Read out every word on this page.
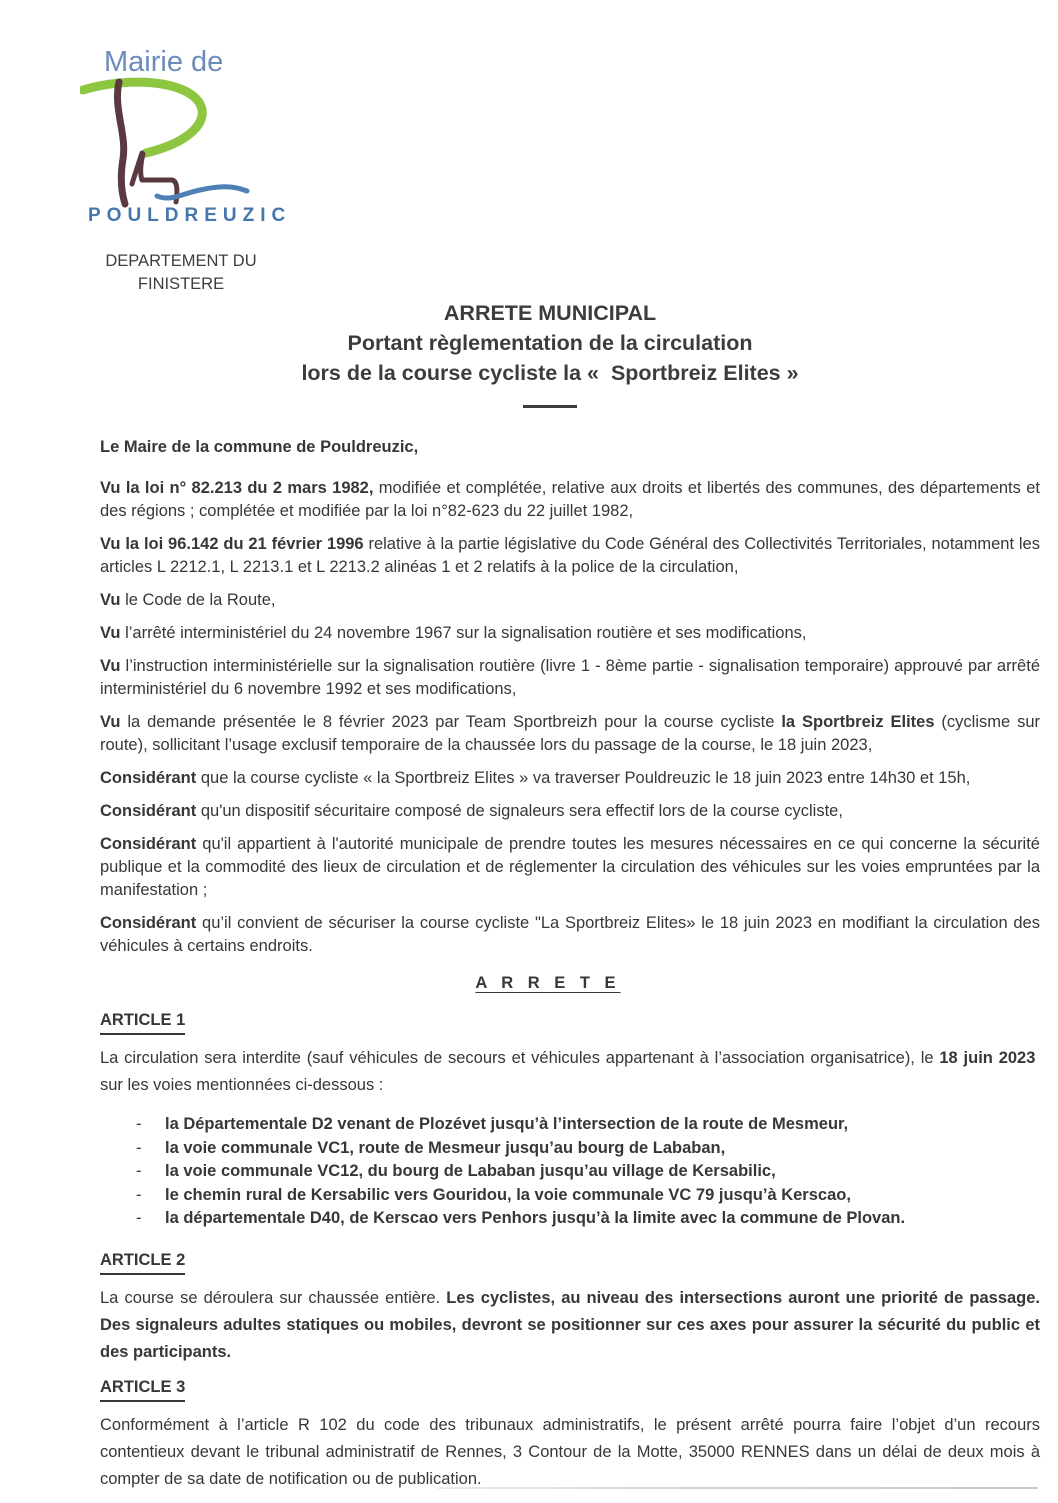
Mairie de
POULDREUZIC
DEPARTEMENT DU
FINISTERE
ARRETE MUNICIPAL
Portant règlementation de la circulation
lors de la course cycliste la «  Sportbreiz Elites »

Le Maire de la commune de Pouldreuzic,

Vu la loi n° 82.213 du 2 mars 1982, modifiée et complétée, relative aux droits et libertés des communes, des départements et des régions ; complétée et modifiée par la loi n°82-623 du 22 juillet 1982,

Vu la loi 96.142 du 21 février 1996 relative à la partie législative du Code Général des Collectivités Territoriales, notamment les articles L 2212.1, L 2213.1 et L 2213.2 alinéas 1 et 2 relatifs à la police de la circulation,

Vu le Code de la Route,

Vu l’arrêté interministériel du 24 novembre 1967 sur la signalisation routière et ses modifications,

Vu l’instruction interministérielle sur la signalisation routière (livre 1 - 8ème partie - signalisation temporaire) approuvé par arrêté interministériel du 6 novembre 1992 et ses modifications,

Vu la demande présentée le 8 février 2023 par Team Sportbreizh pour la course cycliste la Sportbreiz Elites (cyclisme sur route), sollicitant l’usage exclusif temporaire de la chaussée lors du passage de la course, le 18 juin 2023,

Considérant que la course cycliste « la Sportbreiz Elites » va traverser Pouldreuzic le 18 juin 2023 entre 14h30 et 15h,

Considérant qu'un dispositif sécuritaire composé de signaleurs sera effectif lors de la course cycliste,

Considérant qu'il appartient à l'autorité municipale de prendre toutes les mesures nécessaires en ce qui concerne la sécurité publique et la commodité des lieux de circulation et de réglementer la circulation des véhicules sur les voies empruntées par la manifestation ;

Considérant qu’il convient de sécuriser la course cycliste "La Sportbreiz Elites» le 18 juin 2023 en modifiant la circulation des véhicules à certains endroits.

A R R E T E
ARTICLE 1

La circulation sera interdite (sauf véhicules de secours et véhicules appartenant à l’association organisatrice), le 18 juin 2023  sur les voies mentionnées ci-dessous :

- la Départementale D2 venant de Plozévet jusqu’à l’intersection de la route de Mesmeur,
- la voie communale VC1, route de Mesmeur jusqu’au bourg de Lababan,
- la voie communale VC12, du bourg de Lababan jusqu’au village de Kersabilic,
- le chemin rural de Kersabilic vers Gouridou, la voie communale VC 79 jusqu’à Kerscao,
- la départementale D40, de Kerscao vers Penhors jusqu’à la limite avec la commune de Plovan.
ARTICLE 2

La course se déroulera sur chaussée entière. Les cyclistes, au niveau des intersections auront une priorité de passage. Des signaleurs adultes statiques ou mobiles, devront se positionner sur ces axes pour assurer la sécurité du public et des participants.

ARTICLE 3

Conformément à l’article R 102 du code des tribunaux administratifs, le présent arrêté pourra faire l’objet d’un recours contentieux devant le tribunal administratif de Rennes, 3 Contour de la Motte, 35000 RENNES dans un délai de deux mois à compter de sa date de notification ou de publication.
